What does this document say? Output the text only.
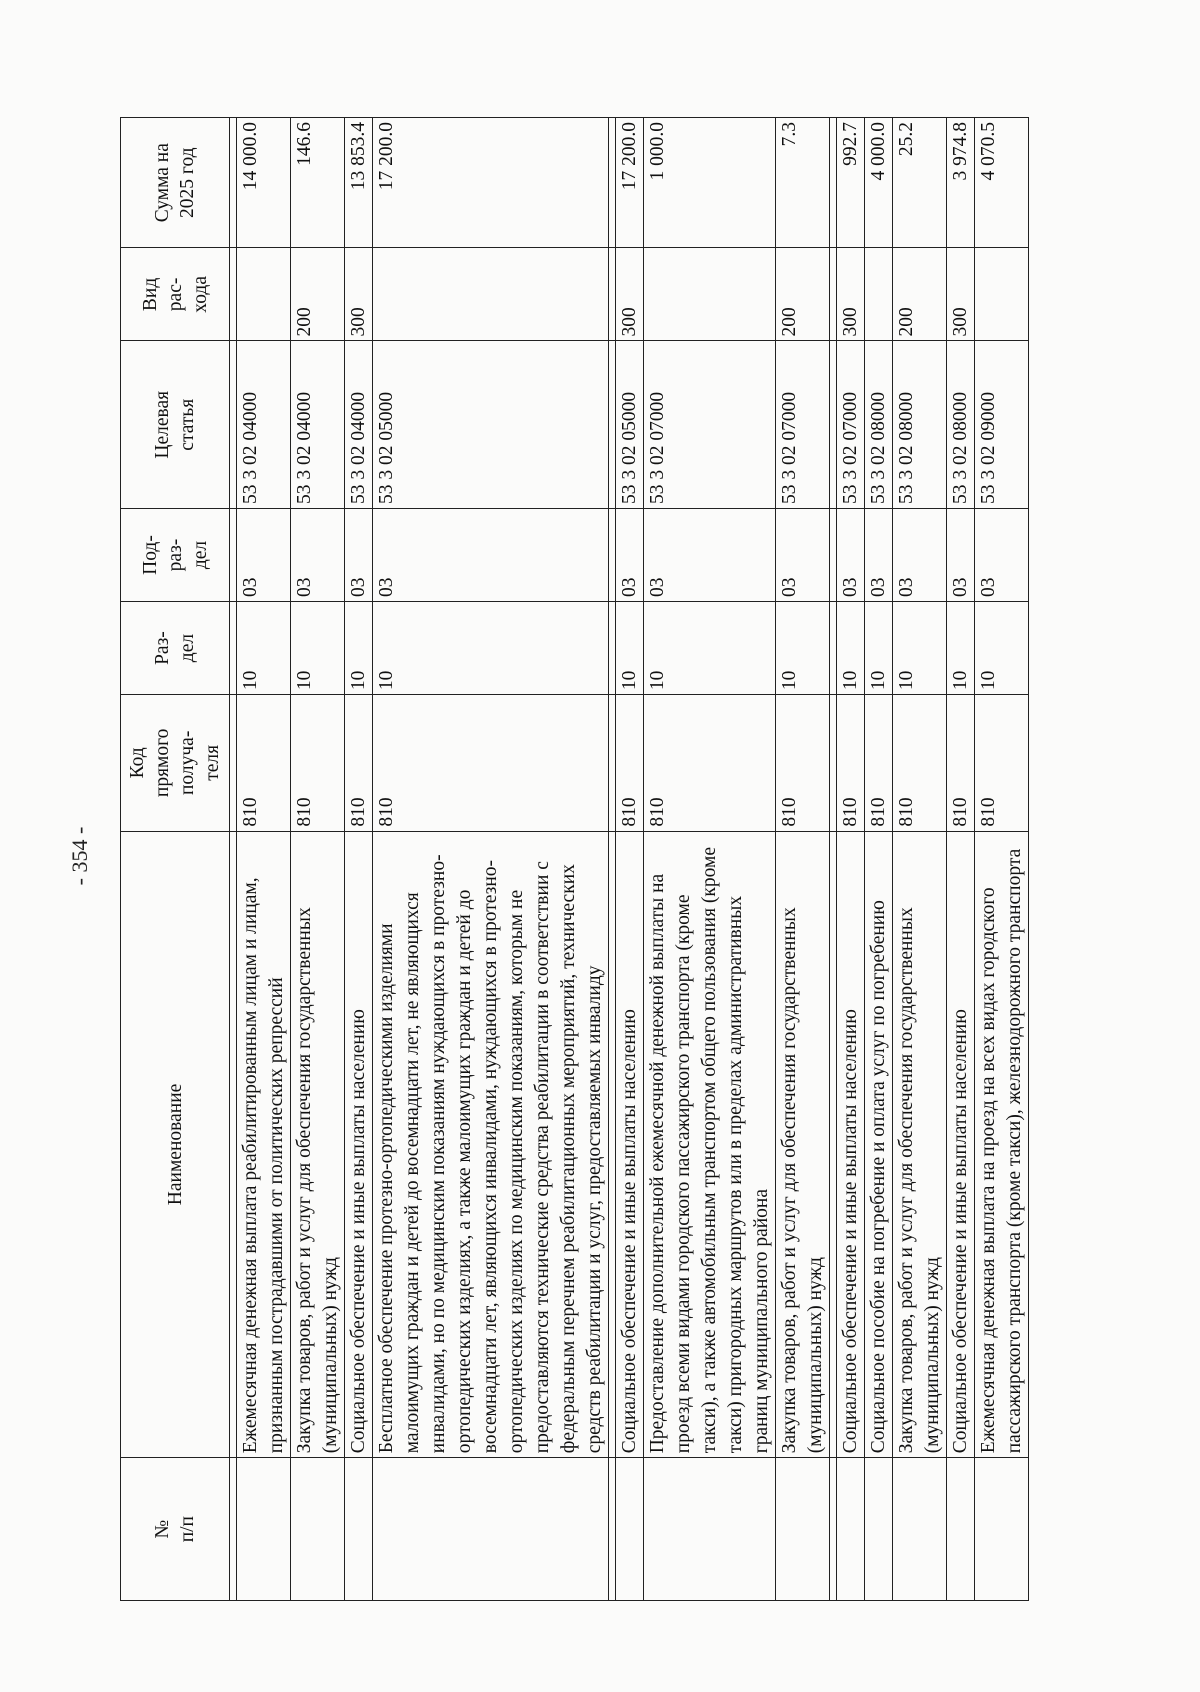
- 354 -
№ п/п	Наименование	Код прямого получа- теля	Раз- дел	Под- раз- дел	Целевая статья	Вид рас- хода	Сумма на 2025 год

	Ежемесячная денежная выплата реабилитированным лицам и лицам, признанным пострадавшими от политических репрессий	810	10	03	53 3 02 04000		14 000.0
	Закупка товаров, работ и услуг для обеспечения государственных (муниципальных) нужд	810	10	03	53 3 02 04000	200	146.6
	Социальное обеспечение и иные выплаты населению	810	10	03	53 3 02 04000	300	13 853.4
	Бесплатное обеспечение протезно-ортопедическими изделиями малоимущих граждан и детей до восемнадцати лет, не являющихся инвалидами, но по медицинским показаниям нуждающихся в протезно-ортопедических изделиях, а также малоимущих граждан и детей до восемнадцати лет, являющихся инвалидами, нуждающихся в протезно-ортопедических изделиях по медицинским показаниям, которым не предоставляются технические средства реабилитации в соответствии с федеральным перечнем реабилитационных мероприятий, технических средств реабилитации и услуг, предоставляемых инвалиду	810	10	03	53 3 02 05000		17 200.0

	Социальное обеспечение и иные выплаты населению	810	10	03	53 3 02 05000	300	17 200.0
	Предоставление дополнительной ежемесячной денежной выплаты на проезд всеми видами городского пассажирского транспорта (кроме такси), а также автомобильным транспортом общего пользования (кроме такси) пригородных маршрутов или в пределах административных границ муниципального района	810	10	03	53 3 02 07000		1 000.0
	Закупка товаров, работ и услуг для обеспечения государственных (муниципальных) нужд	810	10	03	53 3 02 07000	200	7.3

	Социальное обеспечение и иные выплаты населению	810	10	03	53 3 02 07000	300	992.7
	Социальное пособие на погребение и оплата услуг по погребению	810	10	03	53 3 02 08000		4 000.0
	Закупка товаров, работ и услуг для обеспечения государственных (муниципальных) нужд	810	10	03	53 3 02 08000	200	25.2
	Социальное обеспечение и иные выплаты населению	810	10	03	53 3 02 08000	300	3 974.8
	Ежемесячная денежная выплата на проезд на всех видах городского пассажирского транспорта (кроме такси), железнодорожного транспорта	810	10	03	53 3 02 09000		4 070.5
